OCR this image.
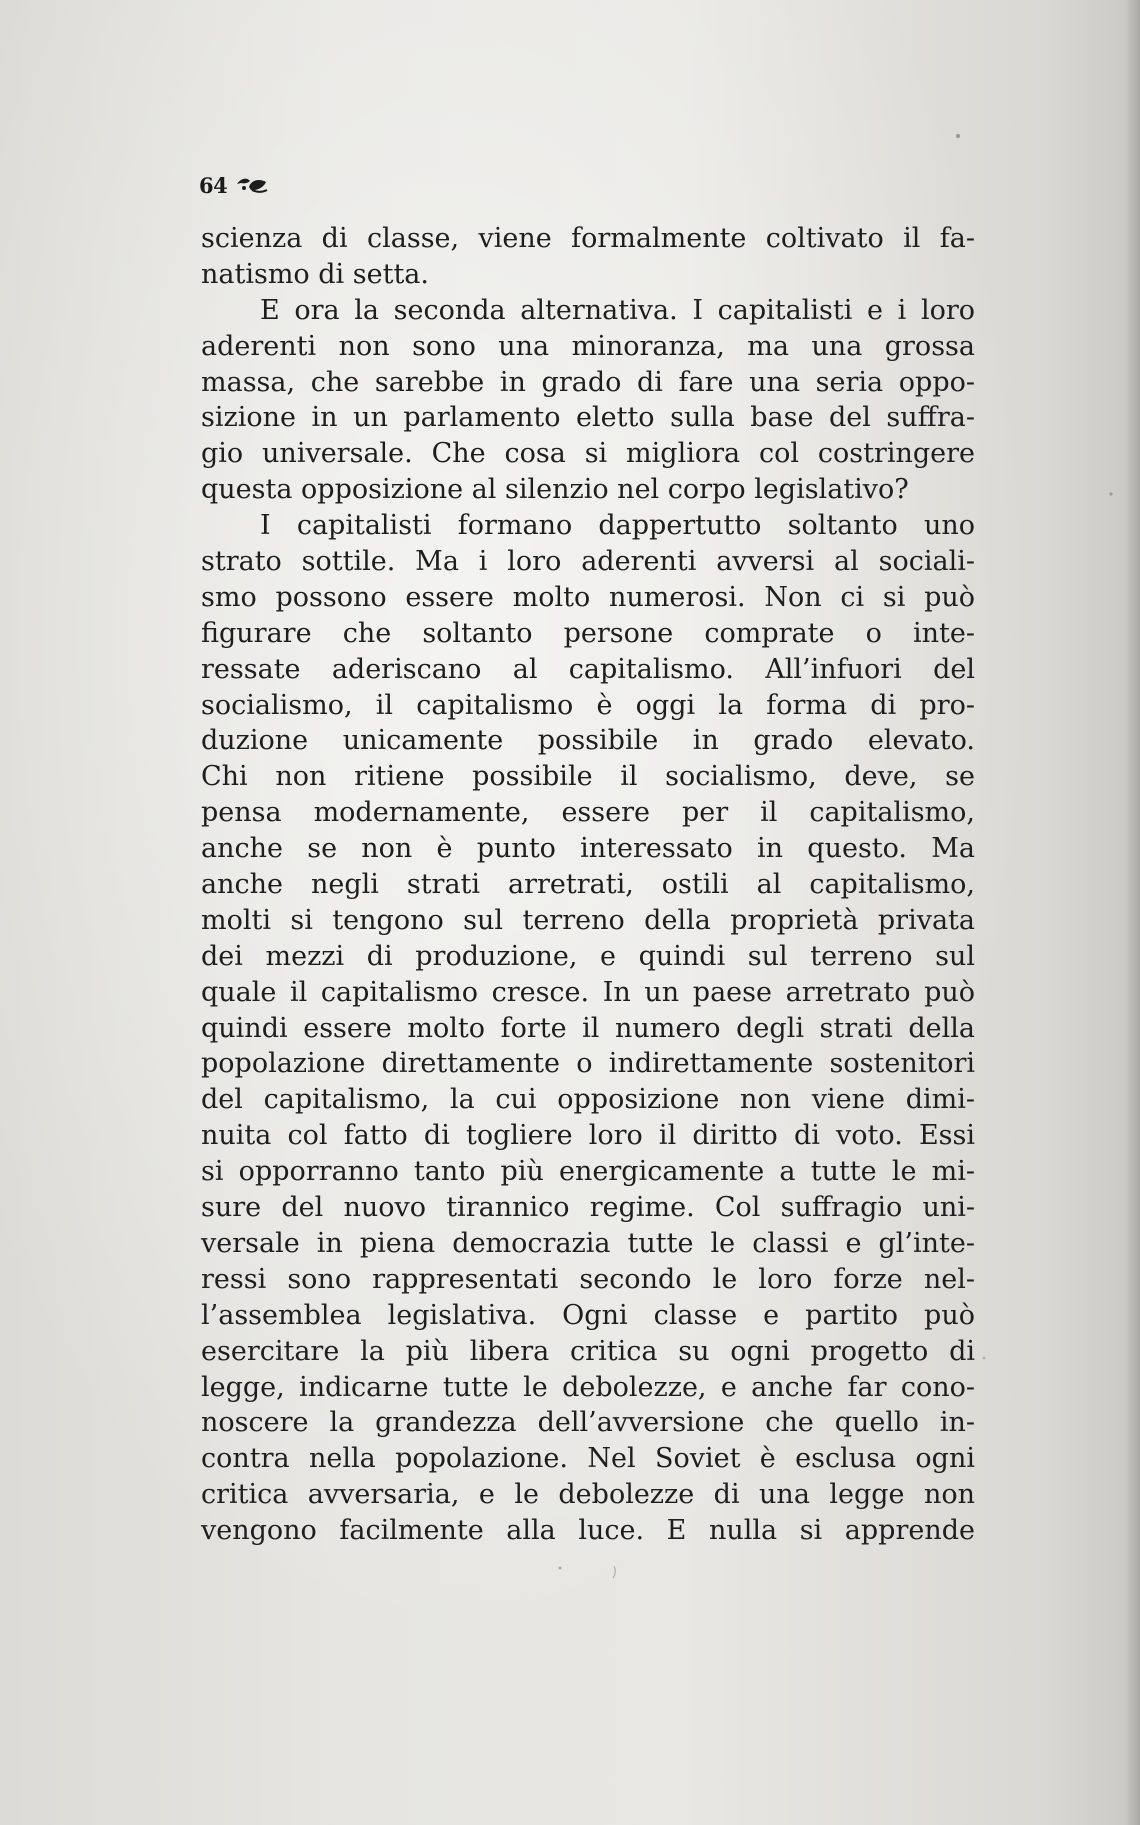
64
scienza di classe, viene formalmente coltivato il fa-
natismo di setta.
E ora la seconda alternativa. I capitalisti e i loro
aderenti non sono una minoranza, ma una grossa
massa, che sarebbe in grado di fare una seria oppo-
sizione in un parlamento eletto sulla base del suffra-
gio universale. Che cosa si migliora col costringere
questa opposizione al silenzio nel corpo legislativo?
I capitalisti formano dappertutto soltanto uno
strato sottile. Ma i loro aderenti avversi al sociali-
smo possono essere molto numerosi. Non ci si può
figurare che soltanto persone comprate o inte-
ressate aderiscano al capitalismo. All’infuori del
socialismo, il capitalismo è oggi la forma di pro-
duzione unicamente possibile in grado elevato.
Chi non ritiene possibile il socialismo, deve, se
pensa modernamente, essere per il capitalismo,
anche se non è punto interessato in questo. Ma
anche negli strati arretrati, ostili al capitalismo,
molti si tengono sul terreno della proprietà privata
dei mezzi di produzione, e quindi sul terreno sul
quale il capitalismo cresce. In un paese arretrato può
quindi essere molto forte il numero degli strati della
popolazione direttamente o indirettamente sostenitori
del capitalismo, la cui opposizione non viene dimi-
nuita col fatto di togliere loro il diritto di voto. Essi
si opporranno tanto più energicamente a tutte le mi-
sure del nuovo tirannico regime. Col suffragio uni-
versale in piena democrazia tutte le classi e gl’inte-
ressi sono rappresentati secondo le loro forze nel-
l’assemblea legislativa. Ogni classe e partito può
esercitare la più libera critica su ogni progetto di
legge, indicarne tutte le debolezze, e anche far cono-
noscere la grandezza dell’avversione che quello in-
contra nella popolazione. Nel Soviet è esclusa ogni
critica avversaria, e le debolezze di una legge non
vengono facilmente alla luce. E nulla si apprende
